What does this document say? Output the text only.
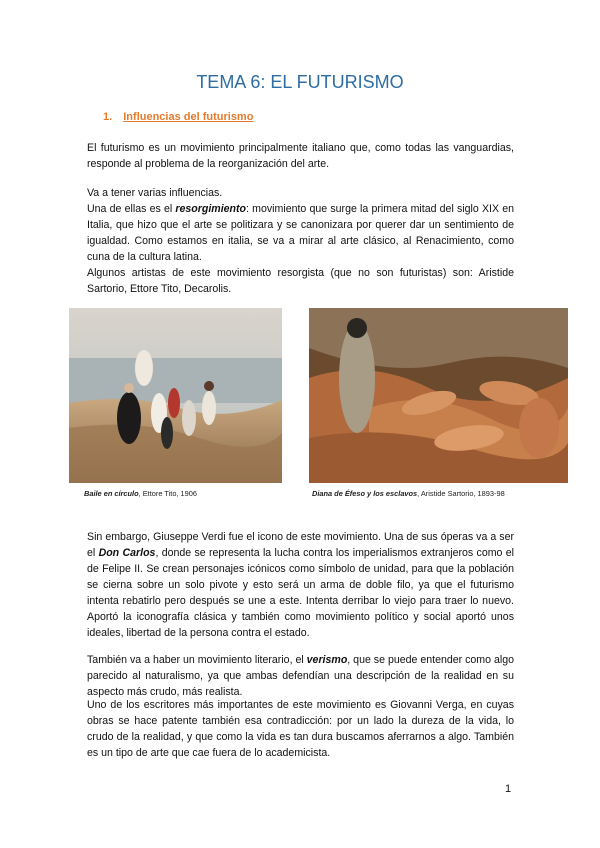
TEMA 6: EL FUTURISMO
1. Influencias del futurismo

El futurismo es un movimiento principalmente italiano que, como todas las vanguardias, responde al problema de la reorganización del arte.

Va a tener varias influencias.
Una de ellas es el resorgimiento: movimiento que surge la primera mitad del siglo XIX en Italia, que hizo que el arte se politizara y se canonizara por querer dar un sentimiento de igualdad. Como estamos en italia, se va a mirar al arte clásico, al Renacimiento, como cuna de la cultura latina.
Algunos artistas de este movimiento resorgista (que no son futuristas) son: Aristide Sartorio, Ettore Tito, Decarolis.
Baile en círculo, Ettore Tito, 1906	Diana de Éfeso y los esclavos, Aristide Sartorio, 1893-98

Sin embargo, Giuseppe Verdi fue el icono de este movimiento. Una de sus óperas va a ser el Don Carlos, donde se representa la lucha contra los imperialismos extranjeros como el de Felipe II. Se crean personajes icónicos como símbolo de unidad, para que la población se cierna sobre un solo pivote y esto será un arma de doble filo, ya que el futurismo intenta rebatirlo pero después se une a este. Intenta derribar lo viejo para traer lo nuevo. Aportó la iconografía clásica y también como movimiento político y social aportó unos ideales, libertad de la persona contra el estado.

También va a haber un movimiento literario, el verismo, que se puede entender como algo parecido al naturalismo, ya que ambas defendían una descripción de la realidad en su aspecto más crudo, más realista.

Uno de los escritores más importantes de este movimiento es Giovanni Verga, en cuyas obras se hace patente también esa contradicción: por un lado la dureza de la vida, lo crudo de la realidad, y que como la vida es tan dura buscamos aferrarnos a algo. También es un tipo de arte que cae fuera de lo academicista.

1
